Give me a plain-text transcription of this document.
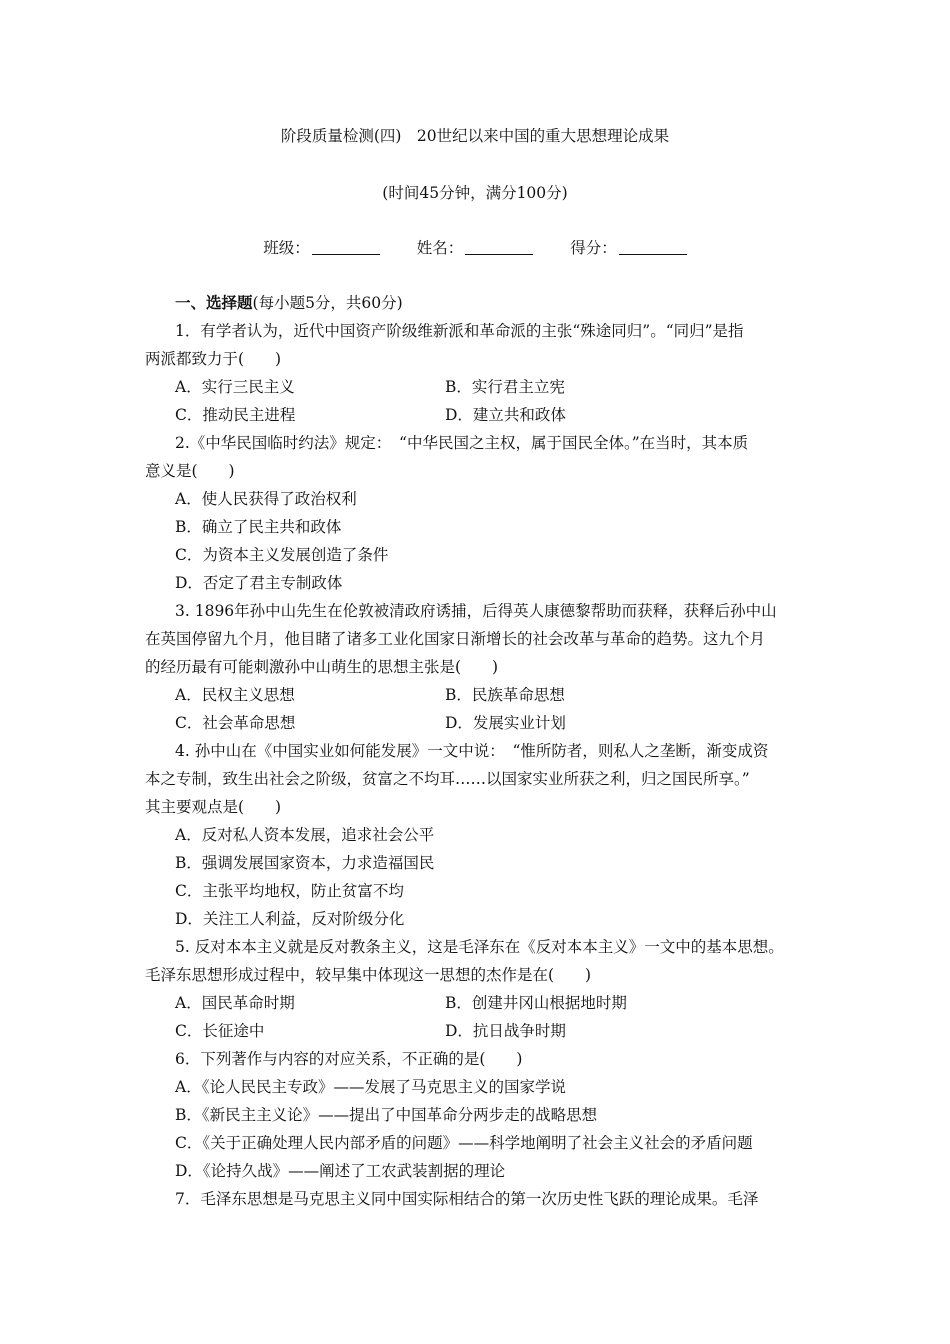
阶段质量检测(四)　20世纪以来中国的重大思想理论成果
(时间45分钟，满分100分)
班级：	姓名：	得分：
一、选择题(每小题5分，共60分)
1．有学者认为，近代中国资产阶级维新派和革命派的主张“殊途同归”。“同归”是指
两派都致力于(　　)
A．实行三民主义	B．实行君主立宪
C．推动民主进程	D．建立共和政体
2.《中华民国临时约法》规定：　“中华民国之主权，属于国民全体。”在当时，其本质
意义是(　　)
A．使人民获得了政治权利
B．确立了民主共和政体
C．为资本主义发展创造了条件
D．否定了君主专制政体
3. 1896年孙中山先生在伦敦被清政府诱捕，后得英人康德黎帮助而获释，获释后孙中山
在英国停留九个月，他目睹了诸多工业化国家日渐增长的社会改革与革命的趋势。这九个月
的经历最有可能刺激孙中山萌生的思想主张是(　　)
A．民权主义思想	B．民族革命思想
C．社会革命思想	D．发展实业计划
4. 孙中山在《中国实业如何能发展》一文中说：　“惟所防者，则私人之垄断，渐变成资
本之专制，致生出社会之阶级，贫富之不均耳……以国家实业所获之利，归之国民所享。”
其主要观点是(　　)
A．反对私人资本发展，追求社会公平
B．强调发展国家资本，力求造福国民
C．主张平均地权，防止贫富不均
D．关注工人利益，反对阶级分化
5. 反对本本主义就是反对教条主义，这是毛泽东在《反对本本主义》一文中的基本思想。
毛泽东思想形成过程中，较早集中体现这一思想的杰作是在(　　)
A．国民革命时期	B．创建井冈山根据地时期
C．长征途中	D．抗日战争时期
6．下列著作与内容的对应关系，不正确的是(　　)
A．《论人民民主专政》——发展了马克思主义的国家学说
B．《新民主主义论》——提出了中国革命分两步走的战略思想
C．《关于正确处理人民内部矛盾的问题》——科学地阐明了社会主义社会的矛盾问题
D．《论持久战》——阐述了工农武装割据的理论
7．毛泽东思想是马克思主义同中国实际相结合的第一次历史性飞跃的理论成果。毛泽
